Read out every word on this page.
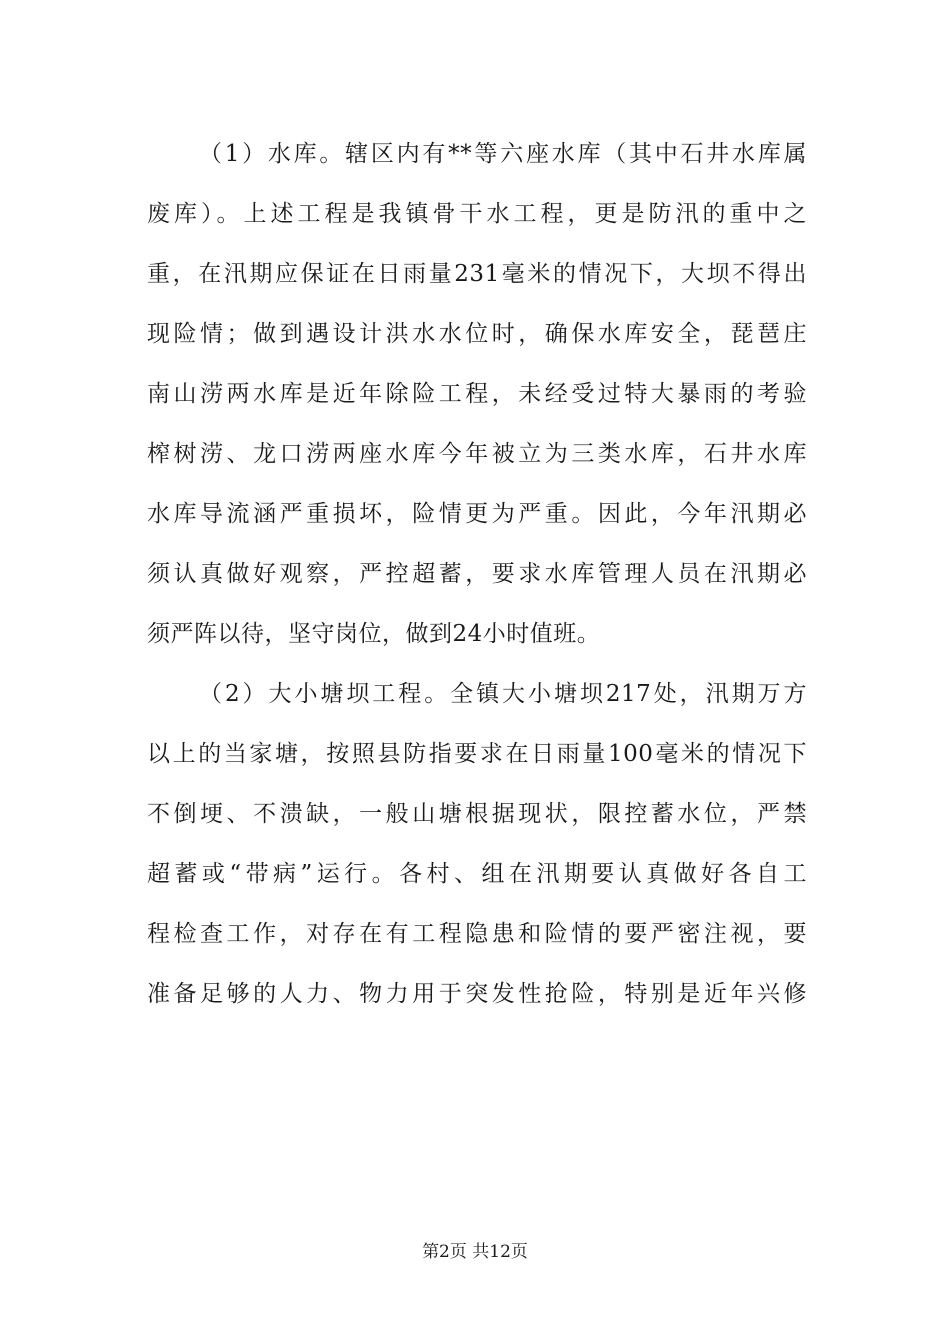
（1）水库。辖区内有**等六座水库（其中石井水库属
废库）。上述工程是我镇骨干水工程，更是防汛的重中之
重，在汛期应保证在日雨量231毫米的情况下，大坝不得出
现险情；做到遇设计洪水水位时，确保水库安全，琵琶庄
南山涝两水库是近年除险工程，未经受过特大暴雨的考验
榨树涝、龙口涝两座水库今年被立为三类水库，石井水库
水库导流涵严重损坏，险情更为严重。因此，今年汛期必
须认真做好观察，严控超蓄，要求水库管理人员在汛期必
须严阵以待，坚守岗位，做到24小时值班。
（2）大小塘坝工程。全镇大小塘坝217处，汛期万方
以上的当家塘，按照县防指要求在日雨量100毫米的情况下
不倒埂、不溃缺，一般山塘根据现状，限控蓄水位，严禁
超蓄或“带病”运行。各村、组在汛期要认真做好各自工
程检查工作，对存在有工程隐患和险情的要严密注视，要
准备足够的人力、物力用于突发性抢险，特别是近年兴修
第2页 共12页
